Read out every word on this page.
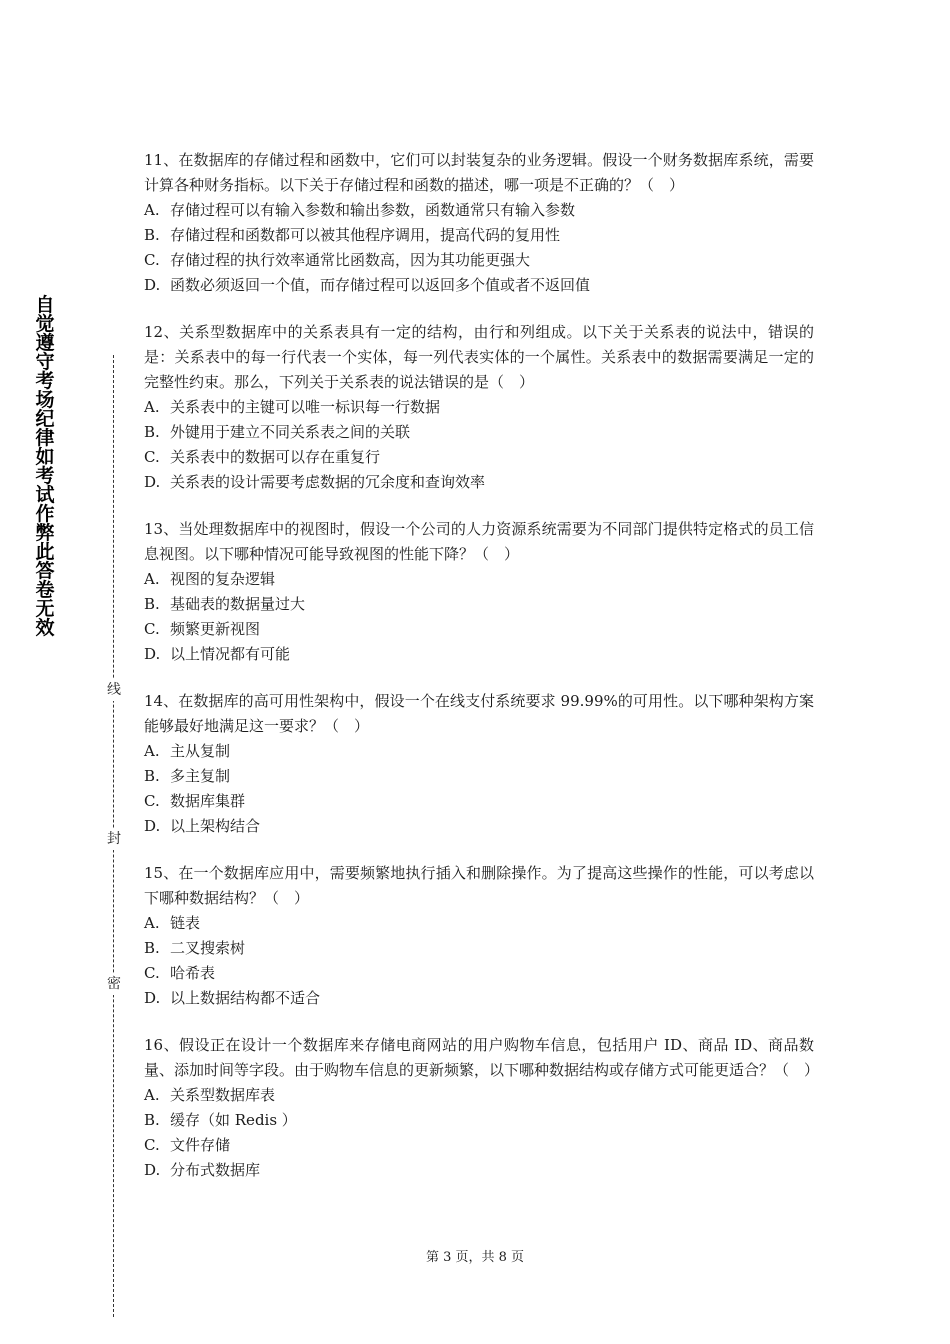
自觉遵守考场纪律如考试作弊此答卷无效
线
封
密

11、在数据库的存储过程和函数中，它们可以封装复杂的业务逻辑。假设一个财务数据库系统，需要计算各种财务指标。以下关于存储过程和函数的描述，哪一项是不正确的？（　）

A. 存储过程可以有输入参数和输出参数，函数通常只有输入参数
B. 存储过程和函数都可以被其他程序调用，提高代码的复用性
C. 存储过程的执行效率通常比函数高，因为其功能更强大
D. 函数必须返回一个值，而存储过程可以返回多个值或者不返回值

12、关系型数据库中的关系表具有一定的结构，由行和列组成。以下关于关系表的说法中，错误的是：关系表中的每一行代表一个实体，每一列代表实体的一个属性。关系表中的数据需要满足一定的完整性约束。那么，下列关于关系表的说法错误的是（　）

A. 关系表中的主键可以唯一标识每一行数据
B. 外键用于建立不同关系表之间的关联
C. 关系表中的数据可以存在重复行
D. 关系表的设计需要考虑数据的冗余度和查询效率

13、当处理数据库中的视图时，假设一个公司的人力资源系统需要为不同部门提供特定格式的员工信息视图。以下哪种情况可能导致视图的性能下降？（　）

A. 视图的复杂逻辑
B. 基础表的数据量过大
C. 频繁更新视图
D. 以上情况都有可能

14、在数据库的高可用性架构中，假设一个在线支付系统要求 99.99%的可用性。以下哪种架构方案能够最好地满足这一要求？（　）

A. 主从复制
B. 多主复制
C. 数据库集群
D. 以上架构结合

15、在一个数据库应用中，需要频繁地执行插入和删除操作。为了提高这些操作的性能，可以考虑以下哪种数据结构？（　）

A. 链表
B. 二叉搜索树
C. 哈希表
D. 以上数据结构都不适合

16、假设正在设计一个数据库来存储电商网站的用户购物车信息，包括用户 ID、商品 ID、商品数量、添加时间等字段。由于购物车信息的更新频繁，以下哪种数据结构或存储方式可能更适合？（　）

A. 关系型数据库表
B. 缓存（如 Redis ）
C. 文件存储
D. 分布式数据库
第 3 页，共 8 页
